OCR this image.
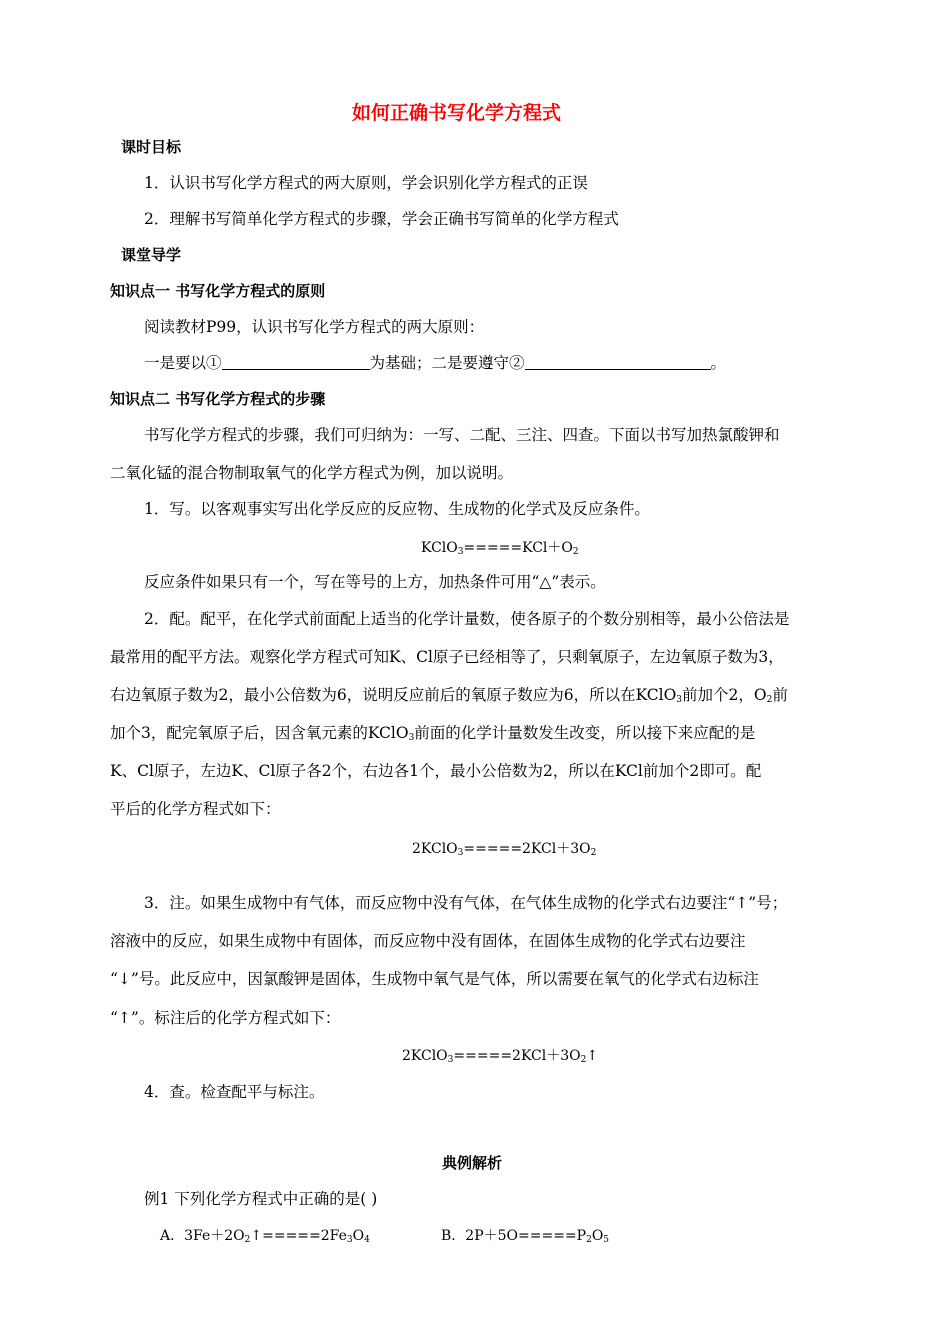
如何正确书写化学方程式
课时目标
1．认识书写化学方程式的两大原则，学会识别化学方程式的正误
2．理解书写简单化学方程式的步骤，学会正确书写简单的化学方程式
课堂导学
知识点一 书写化学方程式的原则
阅读教材P99，认识书写化学方程式的两大原则：
一是要以①	为基础；二是要遵守②	。
知识点二 书写化学方程式的步骤
书写化学方程式的步骤，我们可归纳为：一写、二配、三注、四查。下面以书写加热氯酸钾和
二氧化锰的混合物制取氧气的化学方程式为例，加以说明。
1．写。以客观事实写出化学反应的反应物、生成物的化学式及反应条件。
$KClO_3=====KCl+O_2$
反应条件如果只有一个，写在等号的上方，加热条件可用“△”表示。
2．配。配平，在化学式前面配上适当的化学计量数，使各原子的个数分别相等，最小公倍法是
最常用的配平方法。观察化学方程式可知K、Cl原子已经相等了，只剩氧原子，左边氧原子数为3，
右边氧原子数为2，最小公倍数为6，说明反应前后的氧原子数应为6，所以在KClO$_3$前加个2，$O_2$前
加个3，配完氧原子后，因含氧元素的KClO$_3$前面的化学计量数发生改变，所以接下来应配的是
K、Cl原子，左边K、Cl原子各2个，右边各1个，最小公倍数为2，所以在KCl前加个2即可。配
平后的化学方程式如下：
$2KClO_3=====2KCl+3O_2$
3．注。如果生成物中有气体，而反应物中没有气体，在气体生成物的化学式右边要注“↑”号；
溶液中的反应，如果生成物中有固体，而反应物中没有固体，在固体生成物的化学式右边要注
“↓”号。此反应中，因氯酸钾是固体，生成物中氧气是气体，所以需要在氧气的化学式右边标注
“↑”。标注后的化学方程式如下：
$2KClO_3=====2KCl+3O_2↑$
4．查。检查配平与标注。
典例解析
例1 下列化学方程式中正确的是( )
A．$3Fe+2O_2↑=====2Fe_3O_4$	B．$2P+5O=====P_2O_5$
